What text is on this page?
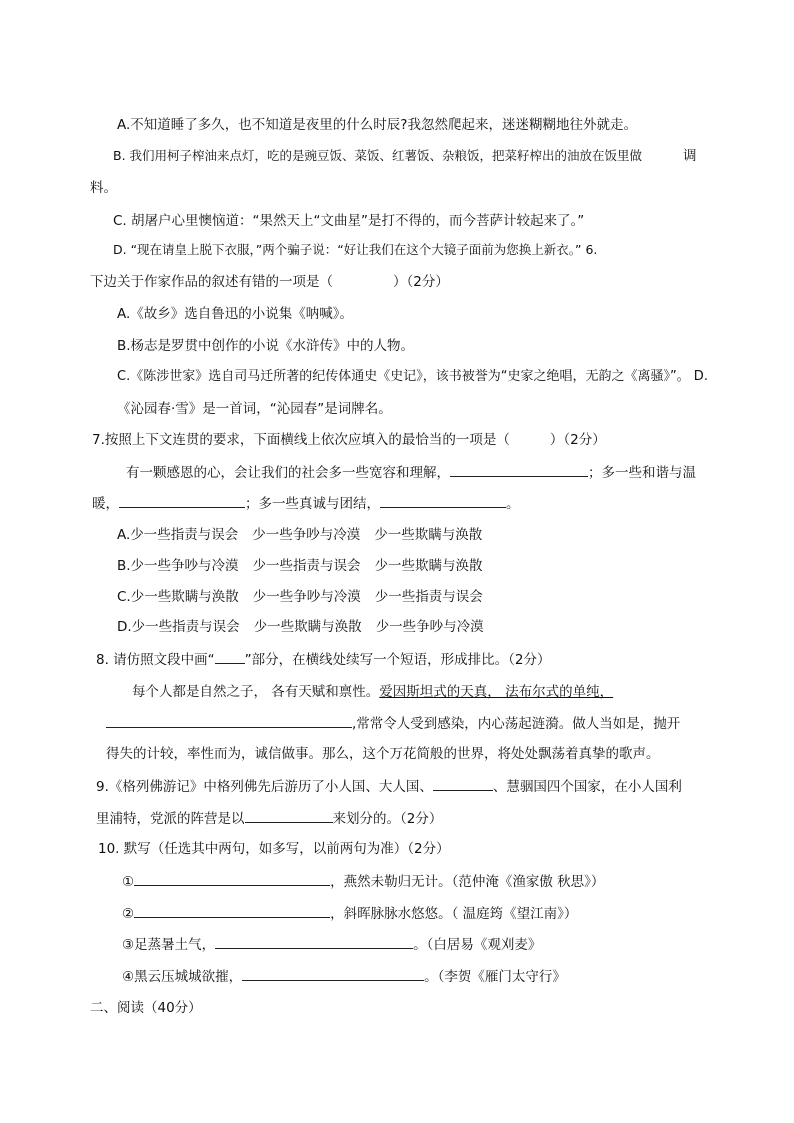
A.不知道睡了多久，也不知道是夜里的什么时辰?我忽然爬起来，迷迷糊糊地往外就走。
B. 我们用柯子榨油来点灯，吃的是豌豆饭、菜饭、红薯饭、杂粮饭，把菜籽榨出的油放在饭里做	调
料。
C. 胡屠户心里懊恼道：“果然天上“文曲星”是打不得的，而今菩萨计较起来了。”
D. “现在请皇上脱下衣服，”两个骗子说：“好让我们在这个大镜子面前为您换上新衣。” 6.
下边关于作家作品的叙述有错的一项是（	）（2分）
A.《故乡》选自鲁迅的小说集《呐喊》。
B.杨志是罗贯中创作的小说《水浒传》中的人物。
C.《陈涉世家》选自司马迁所著的纪传体通史《史记》，该书被誉为“史家之绝唱，无韵之《离骚》”。 D.
《沁园春·雪》是一首词，“沁园春”是词牌名。
7.按照上下文连贯的要求，下面横线上依次应填入的最恰当的一项是（	）（2分）
有一颗感恩的心，会让我们的社会多一些宽容和理解，	；多一些和谐与温
暖，	；多一些真诚与团结，	。
A.少一些指责与误会 少一些争吵与冷漠 少一些欺瞒与涣散
B.少一些争吵与冷漠 少一些指责与误会 少一些欺瞒与涣散
C.少一些欺瞒与涣散 少一些争吵与冷漠 少一些指责与误会
D.少一些指责与误会 少一些欺瞒与涣散 少一些争吵与冷漠
8. 请仿照文段中画“ ”部分，在横线处续写一个短语，形成排比。（2分）
每个人都是自然之子， 各有天赋和禀性。爱因斯坦式的天真， 法布尔式的单纯，
,常常令人受到感染，内心荡起涟漪。做人当如是，抛开
得失的计较，率性而为，诚信做事。那么，这个万花简般的世界，将处处飘荡着真挚的歌声。
9.《格列佛游记》中格列佛先后游历了小人国、大人国、	、慧骃国四个国家，在小人国利
里浦特，党派的阵营是以	来划分的。（2分）
10. 默写（任选其中两句，如多写，以前两句为准）（2分）
①	，燕然未勒归无计。（范仲淹《渔家傲 秋思》）
②	，斜晖脉脉水悠悠。（ 温庭筠《望江南》）
③足蒸暑土气，	。（白居易《观刈麦》
④黑云压城城欲摧，	。（李贺《雁门太守行》
二、阅读（40分）
